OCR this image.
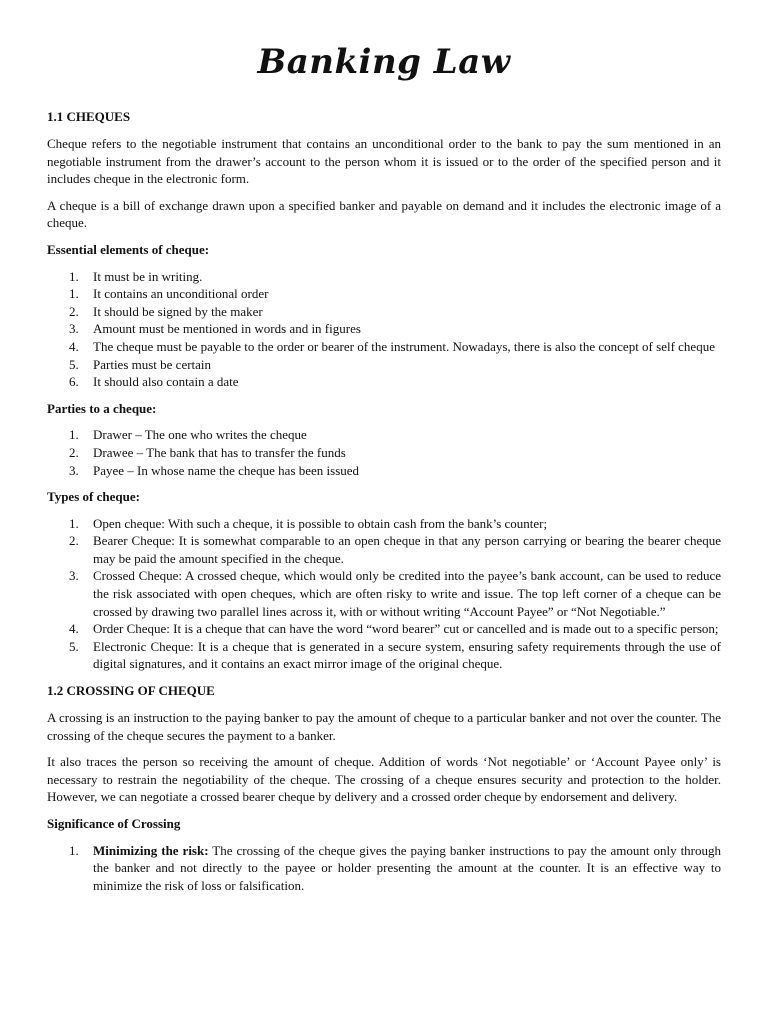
Banking Law
1.1 CHEQUES

Cheque refers to the negotiable instrument that contains an unconditional order to the bank to pay the sum mentioned in an negotiable instrument from the drawer’s account to the person whom it is issued or to the order of the specified person and it includes cheque in the electronic form.

A cheque is a bill of exchange drawn upon a specified banker and payable on demand and it includes the electronic image of a cheque.

Essential elements of cheque:
1. It must be in writing.
1. It contains an unconditional order
2. It should be signed by the maker
3. Amount must be mentioned in words and in figures
4. The cheque must be payable to the order or bearer of the instrument. Nowadays, there is also the concept of self cheque
5. Parties must be certain
6. It should also contain a date
Parties to a cheque:
1. Drawer – The one who writes the cheque
2. Drawee – The bank that has to transfer the funds
3. Payee – In whose name the cheque has been issued
Types of cheque:
1. Open cheque: With such a cheque, it is possible to obtain cash from the bank’s counter;
2. Bearer Cheque: It is somewhat comparable to an open cheque in that any person carrying or bearing the bearer cheque may be paid the amount specified in the cheque.
3. Crossed Cheque: A crossed cheque, which would only be credited into the payee’s bank account, can be used to reduce the risk associated with open cheques, which are often risky to write and issue. The top left corner of a cheque can be crossed by drawing two parallel lines across it, with or without writing “Account Payee” or “Not Negotiable.”
4. Order Cheque: It is a cheque that can have the word “word bearer” cut or cancelled and is made out to a specific person;
5. Electronic Cheque: It is a cheque that is generated in a secure system, ensuring safety requirements through the use of digital signatures, and it contains an exact mirror image of the original cheque.
1.2 CROSSING OF CHEQUE

A crossing is an instruction to the paying banker to pay the amount of cheque to a particular banker and not over the counter. The crossing of the cheque secures the payment to a banker.

It also traces the person so receiving the amount of cheque. Addition of words ‘Not negotiable’ or ‘Account Payee only’ is necessary to restrain the negotiability of the cheque. The crossing of a cheque ensures security and protection to the holder. However, we can negotiate a crossed bearer cheque by delivery and a crossed order cheque by endorsement and delivery.

Significance of Crossing
1. Minimizing the risk: The crossing of the cheque gives the paying banker instructions to pay the amount only through the banker and not directly to the payee or holder presenting the amount at the counter. It is an effective way to minimize the risk of loss or falsification.
